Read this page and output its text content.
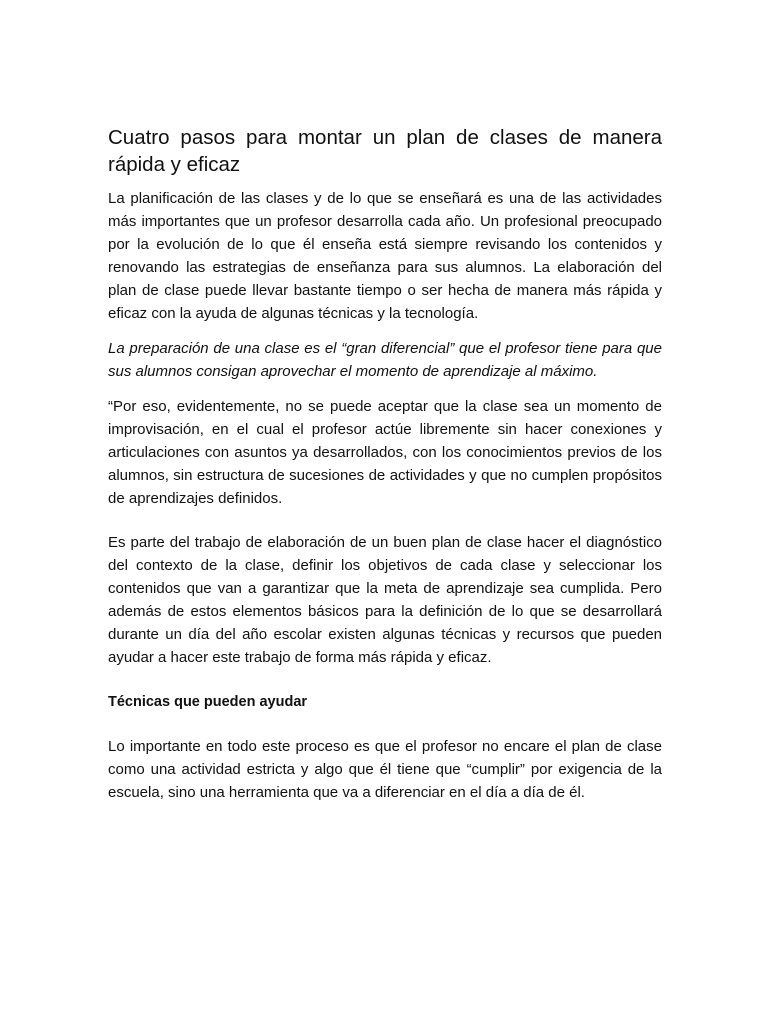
Cuatro pasos para montar un plan de clases de manera rápida y eficaz

La planificación de las clases y de lo que se enseñará es una de las actividades más importantes que un profesor desarrolla cada año. Un profesional preocupado por la evolución de lo que él enseña está siempre revisando los contenidos y renovando las estrategias de enseñanza para sus alumnos. La elaboración del plan de clase puede llevar bastante tiempo o ser hecha de manera más rápida y eficaz con la ayuda de algunas técnicas y la tecnología.

La preparación de una clase es el “gran diferencial” que el profesor tiene para que sus alumnos consigan aprovechar el momento de aprendizaje al máximo.

“Por eso, evidentemente, no se puede aceptar que la clase sea un momento de improvisación, en el cual el profesor actúe libremente sin hacer conexiones y articulaciones con asuntos ya desarrollados, con los conocimientos previos de los alumnos, sin estructura de sucesiones de actividades y que no cumplen propósitos de aprendizajes definidos.

Es parte del trabajo de elaboración de un buen plan de clase hacer el diagnóstico del contexto de la clase, definir los objetivos de cada clase y seleccionar los contenidos que van a garantizar que la meta de aprendizaje sea cumplida. Pero además de estos elementos básicos para la definición de lo que se desarrollará durante un día del año escolar existen algunas técnicas y recursos que pueden ayudar a hacer este trabajo de forma más rápida y eficaz.

Técnicas que pueden ayudar

Lo importante en todo este proceso es que el profesor no encare el plan de clase como una actividad estricta y algo que él tiene que “cumplir” por exigencia de la escuela, sino una herramienta que va a diferenciar en el día a día de él.
